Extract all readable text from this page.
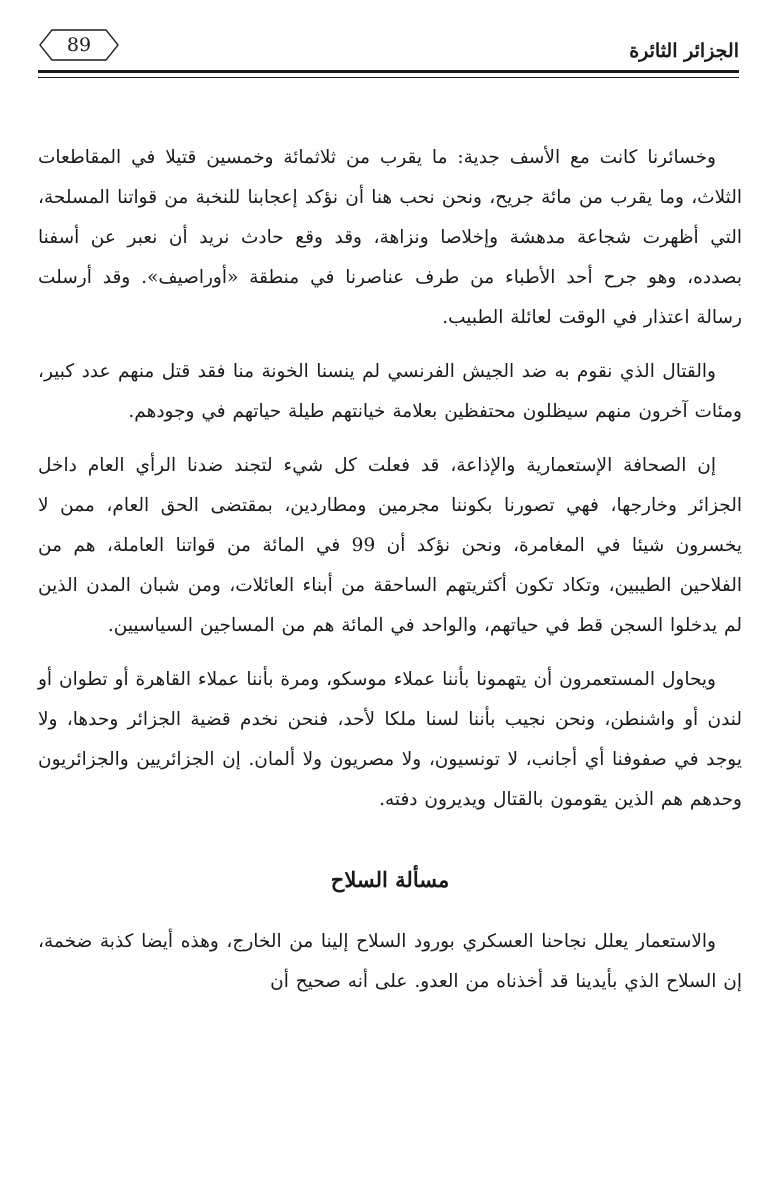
89	الجزائر الثائرة

وخسائرنا كانت مع الأسف جدية: ما يقرب من ثلاثمائة وخمسين قتيلا في المقاطعات الثلاث، وما يقرب من مائة جريح، ونحن نحب هنا أن نؤكد إعجابنا للنخبة من قواتنا المسلحة، التي أظهرت شجاعة مدهشة وإخلاصا ونزاهة، وقد وقع حادث نريد أن نعبر عن أسفنا بصدده، وهو جرح أحد الأطباء من طرف عناصرنا في منطقة «أوراصيف». وقد أرسلت رسالة اعتذار في الوقت لعائلة الطبيب.

والقتال الذي نقوم به ضد الجيش الفرنسي لم ينسنا الخونة منا فقد قتل منهم عدد كبير، ومئات آخرون منهم سيظلون محتفظين بعلامة خيانتهم طيلة حياتهم في وجودهم.

إن الصحافة الإستعمارية والإذاعة، قد فعلت كل شيء لتجند ضدنا الرأي العام داخل الجزائر وخارجها، فهي تصورنا بكوننا مجرمين ومطاردين، بمقتضى الحق العام، ممن لا يخسرون شيئا في المغامرة، ونحن نؤكد أن 99 في المائة من قواتنا العاملة، هم من الفلاحين الطيبين، وتكاد تكون أكثريتهم الساحقة من أبناء العائلات، ومن شبان المدن الذين لم يدخلوا السجن قط في حياتهم، والواحد في المائة هم من المساجين السياسيين.

ويحاول المستعمرون أن يتهمونا بأننا عملاء موسكو، ومرة بأننا عملاء القاهرة أو تطوان أو لندن أو واشنطن، ونحن نجيب بأننا لسنا ملكا لأحد، فنحن نخدم قضية الجزائر وحدها، ولا يوجد في صفوفنا أي أجانب، لا تونسيون، ولا مصريون ولا ألمان. إن الجزائريين والجزائريون وحدهم هم الذين يقومون بالقتال ويديرون دفته.

مسألة السلاح

والاستعمار يعلل نجاحنا العسكري بورود السلاح إلينا من الخارج، وهذه أيضا كذبة ضخمة، إن السلاح الذي بأيدينا قد أخذناه من العدو. على أنه صحيح أن
